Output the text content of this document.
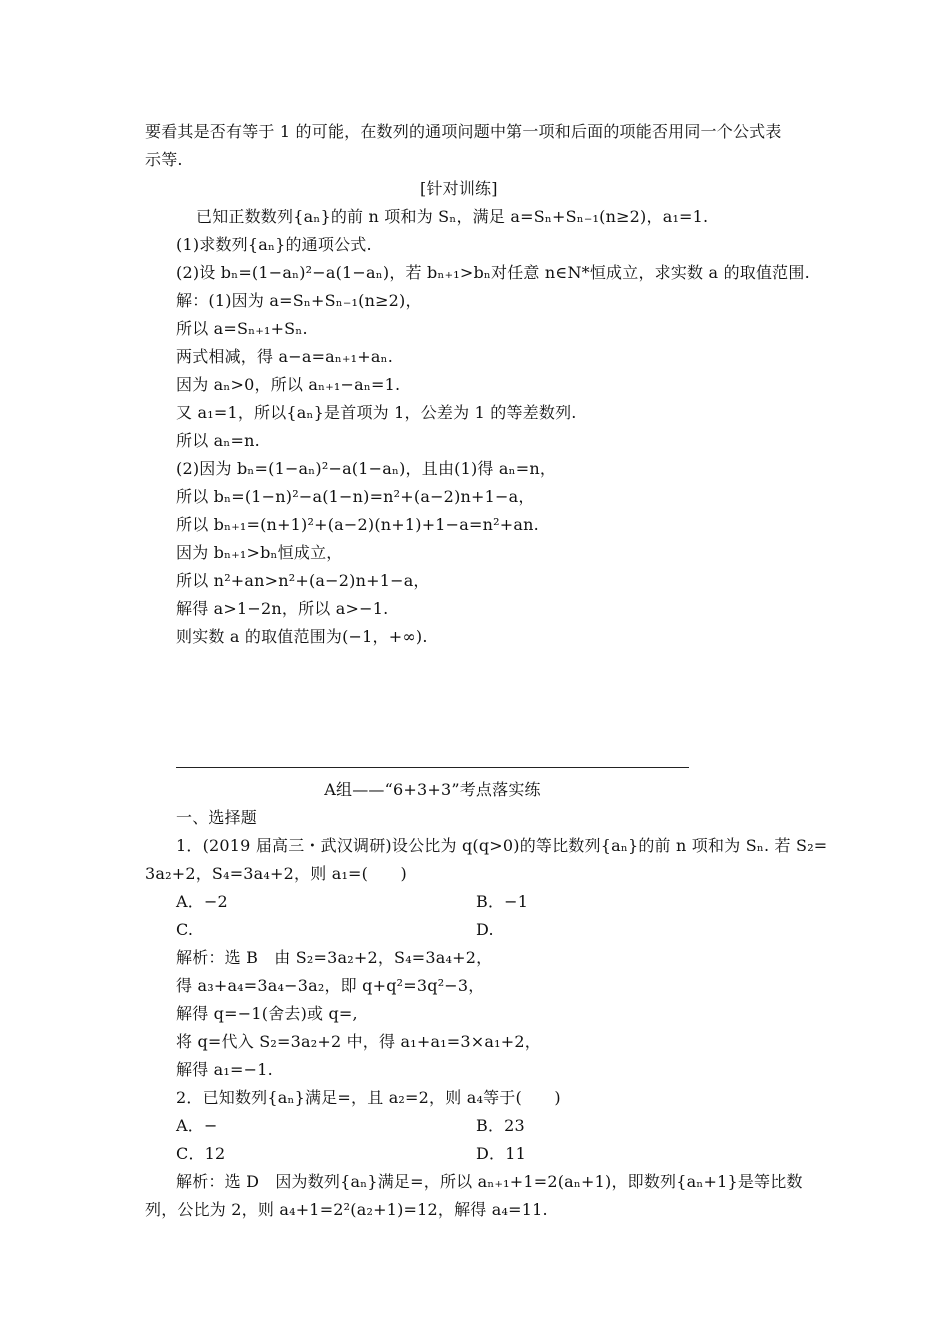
要看其是否有等于 1 的可能，在数列的通项问题中第一项和后面的项能否用同一个公式表
示等.
[针对训练]
已知正数数列{aₙ}的前 n 项和为 Sₙ，满足 a=Sₙ+Sₙ₋₁(n≥2)，a₁=1.
(1)求数列{aₙ}的通项公式.
(2)设 bₙ=(1−aₙ)²−a(1−aₙ)，若 bₙ₊₁>bₙ对任意 n∈N*恒成立，求实数 a 的取值范围.
解：(1)因为 a=Sₙ+Sₙ₋₁(n≥2)，
所以 a=Sₙ₊₁+Sₙ.
两式相减，得 a−a=aₙ₊₁+aₙ.
因为 aₙ>0，所以 aₙ₊₁−aₙ=1.
又 a₁=1，所以{aₙ}是首项为 1，公差为 1 的等差数列.
所以 aₙ=n.
(2)因为 bₙ=(1−aₙ)²−a(1−aₙ)，且由(1)得 aₙ=n，
所以 bₙ=(1−n)²−a(1−n)=n²+(a−2)n+1−a，
所以 bₙ₊₁=(n+1)²+(a−2)(n+1)+1−a=n²+an.
因为 bₙ₊₁>bₙ恒成立，
所以 n²+an>n²+(a−2)n+1−a，
解得 a>1−2n，所以 a>−1.
则实数 a 的取值范围为(−1，+∞).
A组——“6+3+3”考点落实练
一、选择题
1．(2019 届高三・武汉调研)设公比为 q(q>0)的等比数列{aₙ}的前 n 项和为 Sₙ. 若 S₂=
3a₂+2，S₄=3a₄+2，则 a₁=(　　)
A．−2	B．−1
C.	D.
解析：选 B　由 S₂=3a₂+2，S₄=3a₄+2，
得 a₃+a₄=3a₄−3a₂，即 q+q²=3q²−3，
解得 q=−1(舍去)或 q=,
将 q=代入 S₂=3a₂+2 中，得 a₁+a₁=3×a₁+2，
解得 a₁=−1.
2．已知数列{aₙ}满足=，且 a₂=2，则 a₄等于(　　)
A．−	B．23
C．12	D．11
解析：选 D　因为数列{aₙ}满足=，所以 aₙ₊₁+1=2(aₙ+1)，即数列{aₙ+1}是等比数
列，公比为 2，则 a₄+1=2²(a₂+1)=12，解得 a₄=11.
